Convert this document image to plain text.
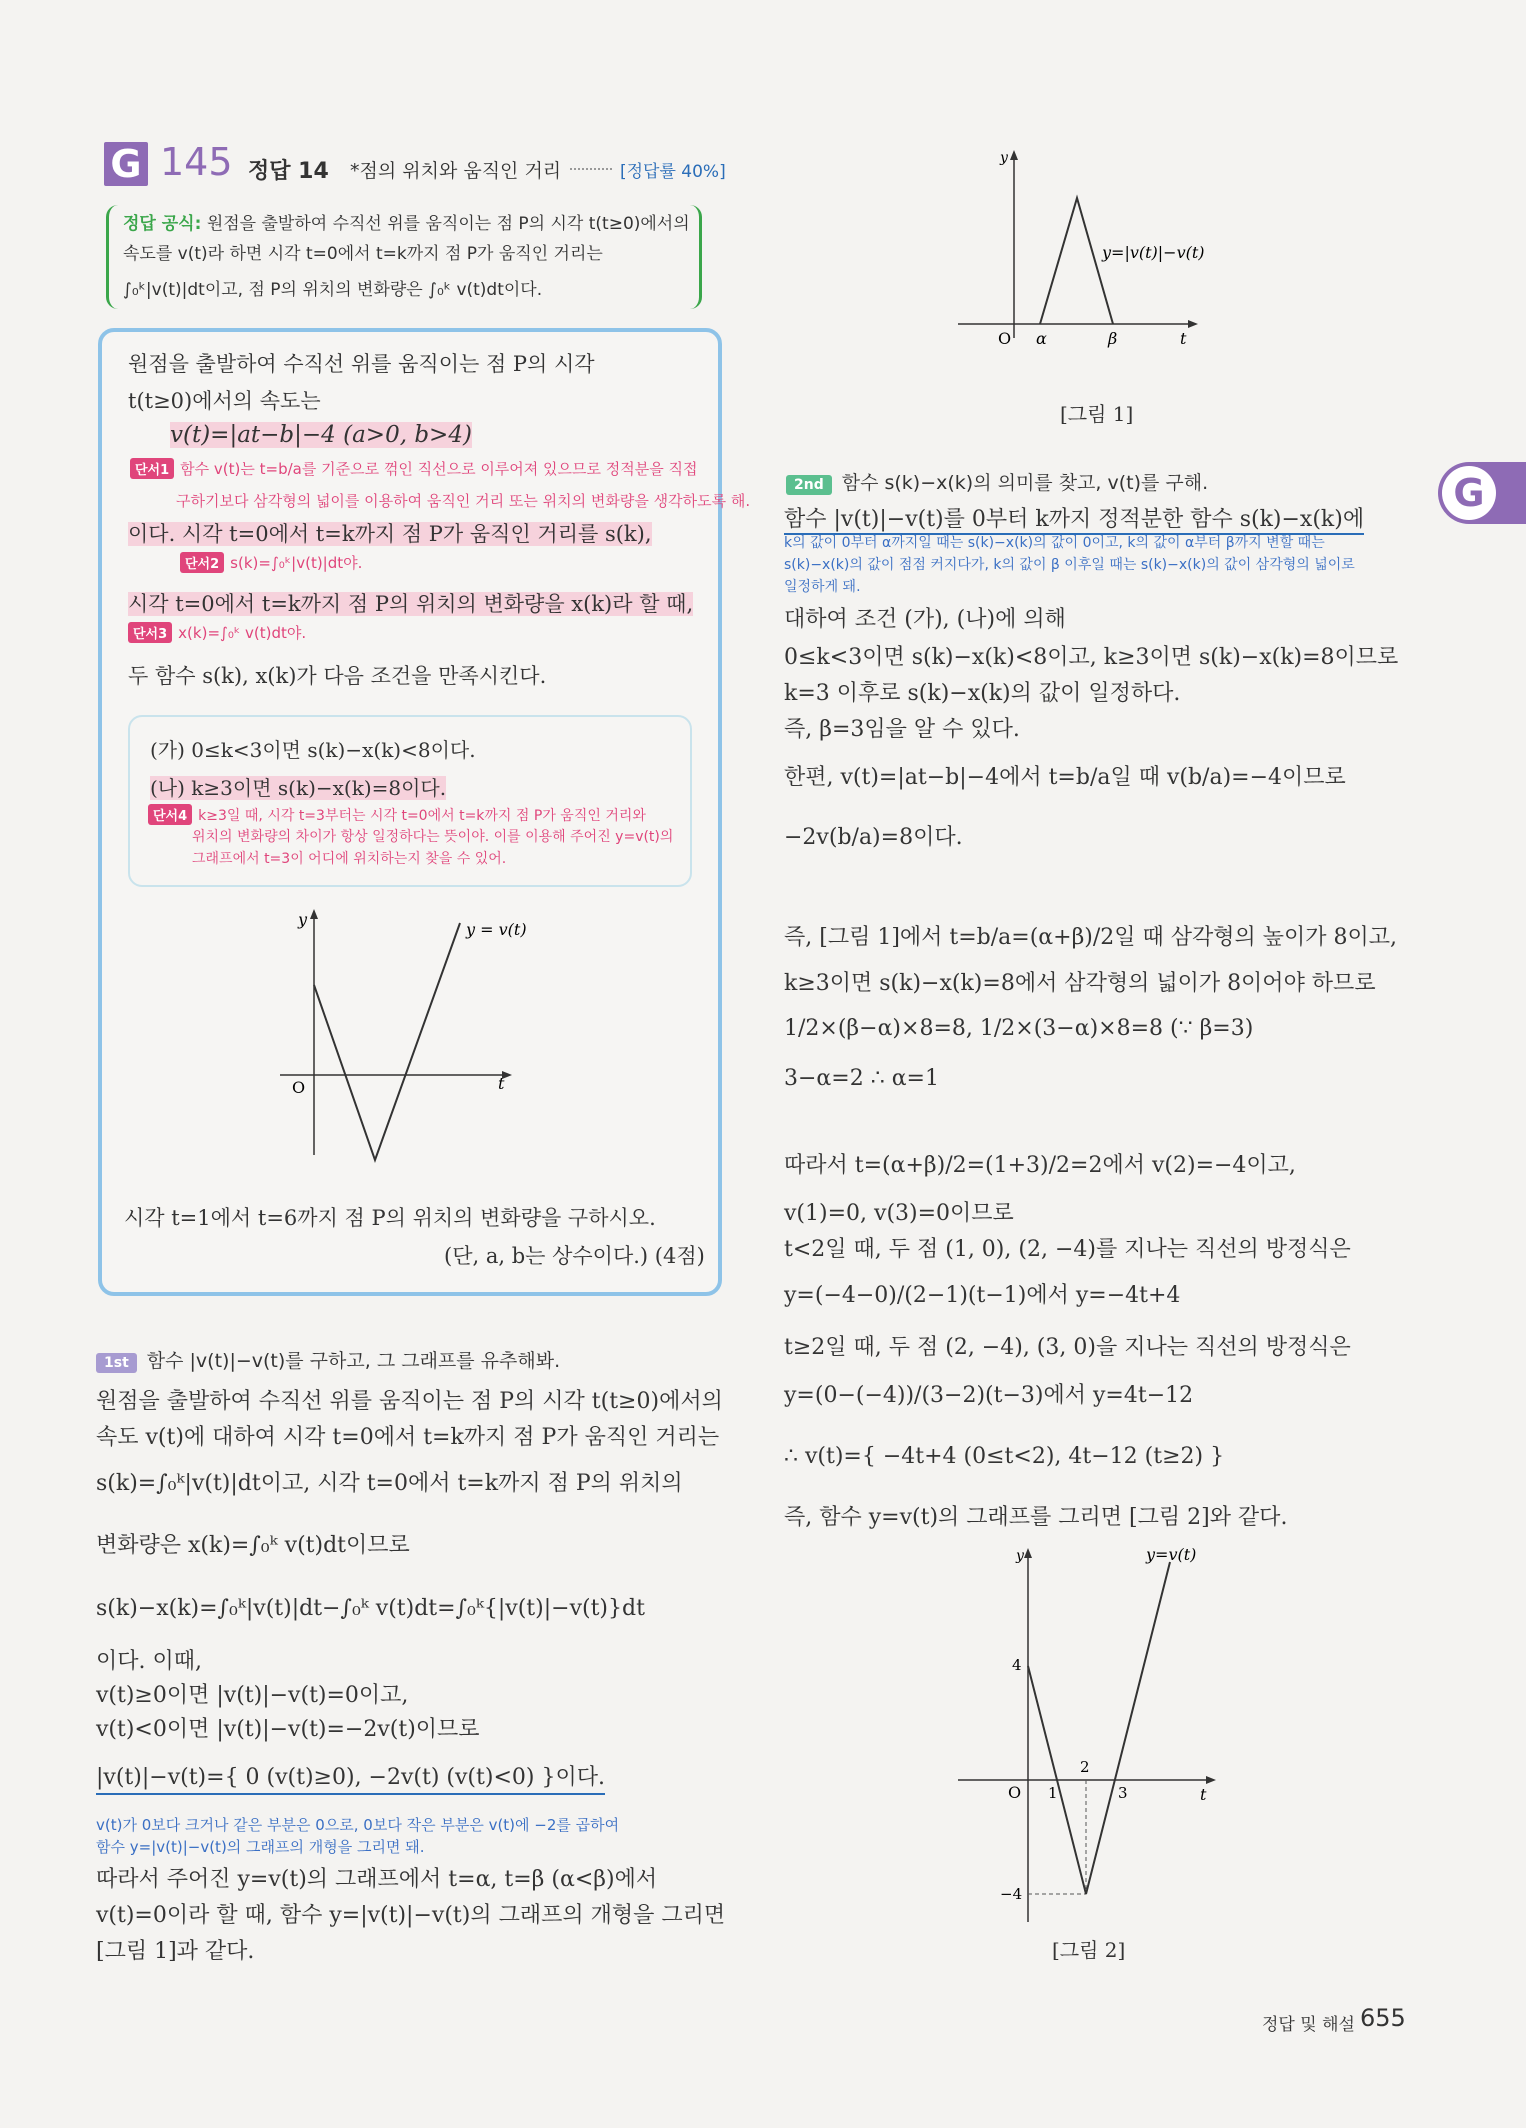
G 145 정답 14 *점의 위치와 움직인 거리	[정답률 40%]
정답 공식: 원점을 출발하여 수직선 위를 움직이는 점 P의 시각 t(t≥0)에서의
속도를 v(t)라 하면 시각 t=0에서 t=k까지 점 P가 움직인 거리는
∫₀ᵏ|v(t)|dt이고, 점 P의 위치의 변화량은 ∫₀ᵏ v(t)dt이다.
원점을 출발하여 수직선 위를 움직이는 점 P의 시각
t(t≥0)에서의 속도는
v(t)=|at−b|−4 (a>0, b>4)
단서1 함수 v(t)는 t=b/a를 기준으로 꺾인 직선으로 이루어져 있으므로 정적분을 직접
구하기보다 삼각형의 넓이를 이용하여 움직인 거리 또는 위치의 변화량을 생각하도록 해.
이다. 시각 t=0에서 t=k까지 점 P가 움직인 거리를 s(k),
단서2 s(k)=∫₀ᵏ|v(t)|dt야.
시각 t=0에서 t=k까지 점 P의 위치의 변화량을 x(k)라 할 때,
단서3 x(k)=∫₀ᵏ v(t)dt야.
두 함수 s(k), x(k)가 다음 조건을 만족시킨다.
(가) 0≤k<3이면 s(k)−x(k)<8이다.
(나) k≥3이면 s(k)−x(k)=8이다.
단서4 k≥3일 때, 시각 t=3부터는 시각 t=0에서 t=k까지 점 P가 움직인 거리와
위치의 변화량의 차이가 항상 일정하다는 뜻이야. 이를 이용해 주어진 y=v(t)의
그래프에서 t=3이 어디에 위치하는지 찾을 수 있어.
y
t
O
y = v(t)
시각 t=1에서 t=6까지 점 P의 위치의 변화량을 구하시오.
(단, a, b는 상수이다.) (4점)
1st 함수 |v(t)|−v(t)를 구하고, 그 그래프를 유추해봐.
원점을 출발하여 수직선 위를 움직이는 점 P의 시각 t(t≥0)에서의
속도 v(t)에 대하여 시각 t=0에서 t=k까지 점 P가 움직인 거리는
s(k)=∫₀ᵏ|v(t)|dt이고, 시각 t=0에서 t=k까지 점 P의 위치의
변화량은 x(k)=∫₀ᵏ v(t)dt이므로
s(k)−x(k)=∫₀ᵏ|v(t)|dt−∫₀ᵏ v(t)dt=∫₀ᵏ{|v(t)|−v(t)}dt
이다. 이때,
v(t)≥0이면 |v(t)|−v(t)=0이고,
v(t)<0이면 |v(t)|−v(t)=−2v(t)이므로
|v(t)|−v(t)={ 0 (v(t)≥0), −2v(t) (v(t)<0) }이다.
v(t)가 0보다 크거나 같은 부분은 0으로, 0보다 작은 부분은 v(t)에 −2를 곱하여
함수 y=|v(t)|−v(t)의 그래프의 개형을 그리면 돼.
따라서 주어진 y=v(t)의 그래프에서 t=α, t=β (α<β)에서
v(t)=0이라 할 때, 함수 y=|v(t)|−v(t)의 그래프의 개형을 그리면
[그림 1]과 같다.
y
t
O α	β
y=|v(t)|−v(t)
[그림 1]
2nd 함수 s(k)−x(k)의 의미를 찾고, v(t)를 구해.
함수 |v(t)|−v(t)를 0부터 k까지 정적분한 함수 s(k)−x(k)에
k의 값이 0부터 α까지일 때는 s(k)−x(k)의 값이 0이고, k의 값이 α부터 β까지 변할 때는
s(k)−x(k)의 값이 점점 커지다가, k의 값이 β 이후일 때는 s(k)−x(k)의 값이 삼각형의 넓이로
일정하게 돼.
대하여 조건 (가), (나)에 의해
0≤k<3이면 s(k)−x(k)<8이고, k≥3이면 s(k)−x(k)=8이므로
k=3 이후로 s(k)−x(k)의 값이 일정하다.
즉, β=3임을 알 수 있다.
한편, v(t)=|at−b|−4에서 t=b/a일 때 v(b/a)=−4이므로
−2v(b/a)=8이다.
즉, [그림 1]에서 t=b/a=(α+β)/2일 때 삼각형의 높이가 8이고,
k≥3이면 s(k)−x(k)=8에서 삼각형의 넓이가 8이어야 하므로
1/2×(β−α)×8=8, 1/2×(3−α)×8=8 (∵ β=3)
3−α=2 ∴ α=1
따라서 t=(α+β)/2=(1+3)/2=2에서 v(2)=−4이고,
v(1)=0, v(3)=0이므로
t<2일 때, 두 점 (1, 0), (2, −4)를 지나는 직선의 방정식은
y=(−4−0)/(2−1)(t−1)에서 y=−4t+4
t≥2일 때, 두 점 (2, −4), (3, 0)을 지나는 직선의 방정식은
y=(0−(−4))/(3−2)(t−3)에서 y=4t−12
∴ v(t)={ −4t+4 (0≤t<2), 4t−12 (t≥2) }
즉, 함수 y=v(t)의 그래프를 그리면 [그림 2]와 같다.
y
t
O 1
2
3
4
−4
y=v(t)
[그림 2]
G
정답 및 해설 655
